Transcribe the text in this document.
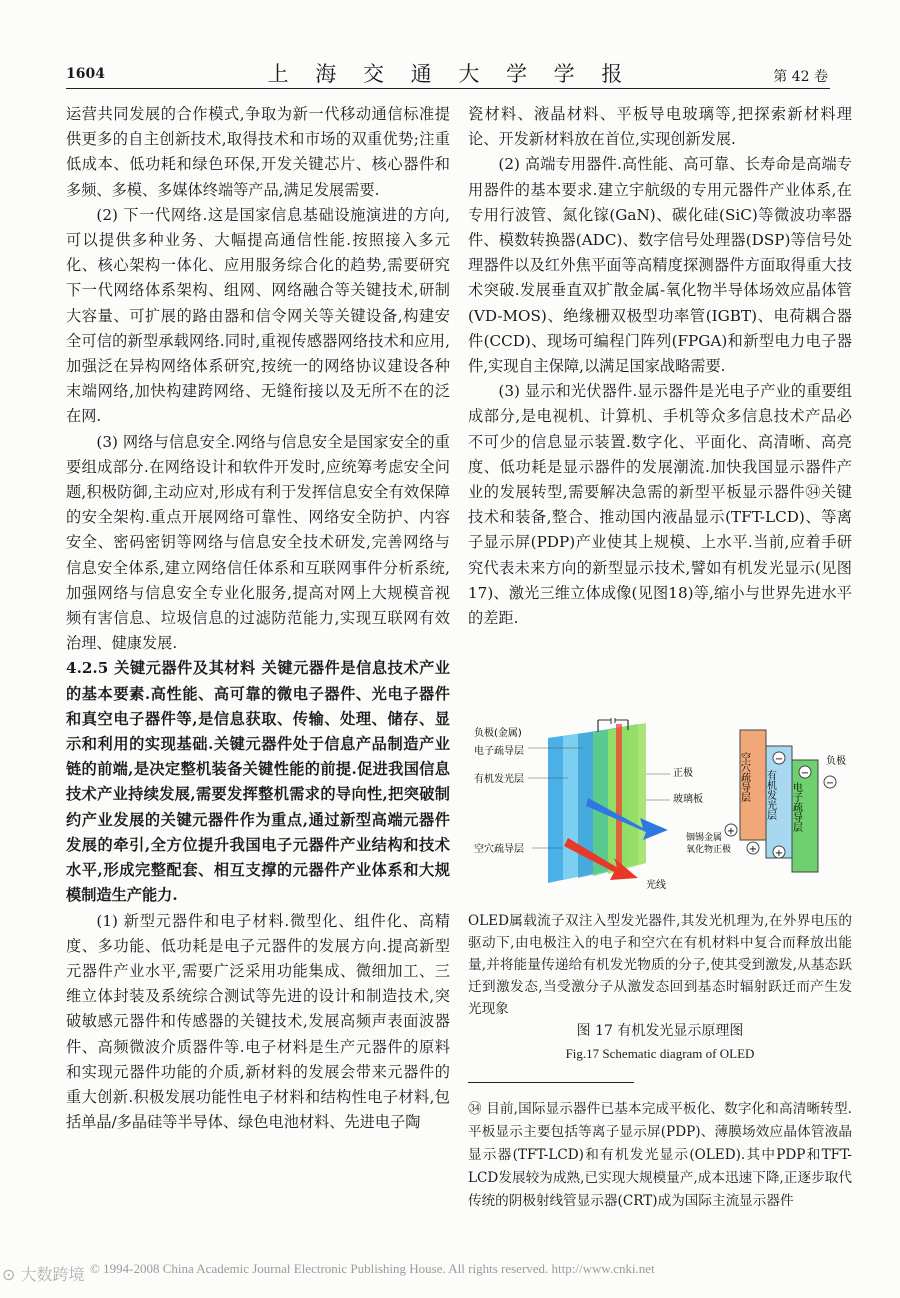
1604	上 海 交 通 大 学 学 报	第 42 卷

运营共同发展的合作模式,争取为新一代移动通信标准提供更多的自主创新技术,取得技术和市场的双重优势;注重低成本、低功耗和绿色环保,开发关键芯片、核心器件和多频、多模、多媒体终端等产品,满足发展需要.

(2) 下一代网络.这是国家信息基础设施演进的方向,可以提供多种业务、大幅提高通信性能.按照接入多元化、核心架构一体化、应用服务综合化的趋势,需要研究下一代网络体系架构、组网、网络融合等关键技术,研制大容量、可扩展的路由器和信令网关等关键设备,构建安全可信的新型承载网络.同时,重视传感器网络技术和应用,加强泛在异构网络体系研究,按统一的网络协议建设各种末端网络,加快构建跨网络、无缝衔接以及无所不在的泛在网.

(3) 网络与信息安全.网络与信息安全是国家安全的重要组成部分.在网络设计和软件开发时,应统筹考虑安全问题,积极防御,主动应对,形成有利于发挥信息安全有效保障的安全架构.重点开展网络可靠性、网络安全防护、内容安全、密码密钥等网络与信息安全技术研发,完善网络与信息安全体系,建立网络信任体系和互联网事件分析系统,加强网络与信息安全专业化服务,提高对网上大规模音视频有害信息、垃圾信息的过滤防范能力,实现互联网有效治理、健康发展.

4.2.5 关键元器件及其材料 关键元器件是信息技术产业的基本要素.高性能、高可靠的微电子器件、光电子器件和真空电子器件等,是信息获取、传输、处理、储存、显示和利用的实现基础.关键元器件处于信息产品制造产业链的前端,是决定整机装备关键性能的前提.促进我国信息技术产业持续发展,需要发挥整机需求的导向性,把突破制约产业发展的关键元器件作为重点,通过新型高端元器件发展的牵引,全方位提升我国电子元器件产业结构和技术水平,形成完整配套、相互支撑的元器件产业体系和大规模制造生产能力.

(1) 新型元器件和电子材料.微型化、组件化、高精度、多功能、低功耗是电子元器件的发展方向.提高新型元器件产业水平,需要广泛采用功能集成、微细加工、三维立体封装及系统综合测试等先进的设计和制造技术,突破敏感元器件和传感器的关键技术,发展高频声表面波器件、高频微波介质器件等.电子材料是生产元器件的原料和实现元器件功能的介质,新材料的发展会带来元器件的重大创新.积极发展功能性电子材料和结构性电子材料,包括单晶/多晶硅等半导体、绿色电池材料、先进电子陶

瓷材料、液晶材料、平板导电玻璃等,把探索新材料理论、开发新材料放在首位,实现创新发展.

(2) 高端专用器件.高性能、高可靠、长寿命是高端专用器件的基本要求.建立宇航级的专用元器件产业体系,在专用行波管、氮化镓(GaN)、碳化硅(SiC)等微波功率器件、模数转换器(ADC)、数字信号处理器(DSP)等信号处理器件以及红外焦平面等高精度探测器件方面取得重大技术突破.发展垂直双扩散金属-氧化物半导体场效应晶体管(VD-MOS)、绝缘栅双极型功率管(IGBT)、电荷耦合器件(CCD)、现场可编程门阵列(FPGA)和新型电力电子器件,实现自主保障,以满足国家战略需要.

(3) 显示和光伏器件.显示器件是光电子产业的重要组成部分,是电视机、计算机、手机等众多信息技术产品必不可少的信息显示装置.数字化、平面化、高清晰、高亮度、低功耗是显示器件的发展潮流.加快我国显示器件产业的发展转型,需要解决急需的新型平板显示器件㉞关键技术和装备,整合、推动国内液晶显示(TFT-LCD)、等离子显示屏(PDP)产业使其上规模、上水平.当前,应着手研究代表未来方向的新型显示技术,譬如有机发光显示(见图17)、激光三维立体成像(见图18)等,缩小与世界先进水平的差距.

负极(金属)
电子疏导层
有机发光层
空穴疏导层
正极
玻璃板
铟锡金属
氧化物正极
光线
空穴疏导层 有机发光层 电子疏导层
+
+ +
−
−
−
负极
OLED属载流子双注入型发光器件,其发光机理为,在外界电压的驱动下,由电极注入的电子和空穴在有机材料中复合而释放出能量,并将能量传递给有机发光物质的分子,使其受到激发,从基态跃迁到激发态,当受激分子从激发态回到基态时辐射跃迁而产生发光现象
图 17 有机发光显示原理图
Fig.17 Schematic diagram of OLED
㉞ 目前,国际显示器件已基本完成平板化、数字化和高清晰转型.平板显示主要包括等离子显示屏(PDP)、薄膜场效应晶体管液晶显示器(TFT-LCD)和有机发光显示(OLED).其中PDP和TFT-LCD发展较为成熟,已实现大规模量产,成本迅速下降,正逐步取代传统的阴极射线管显示器(CRT)成为国际主流显示器件
⊙ 大数跨境 © 1994-2008 China Academic Journal Electronic Publishing House. All rights reserved. http://www.cnki.net
